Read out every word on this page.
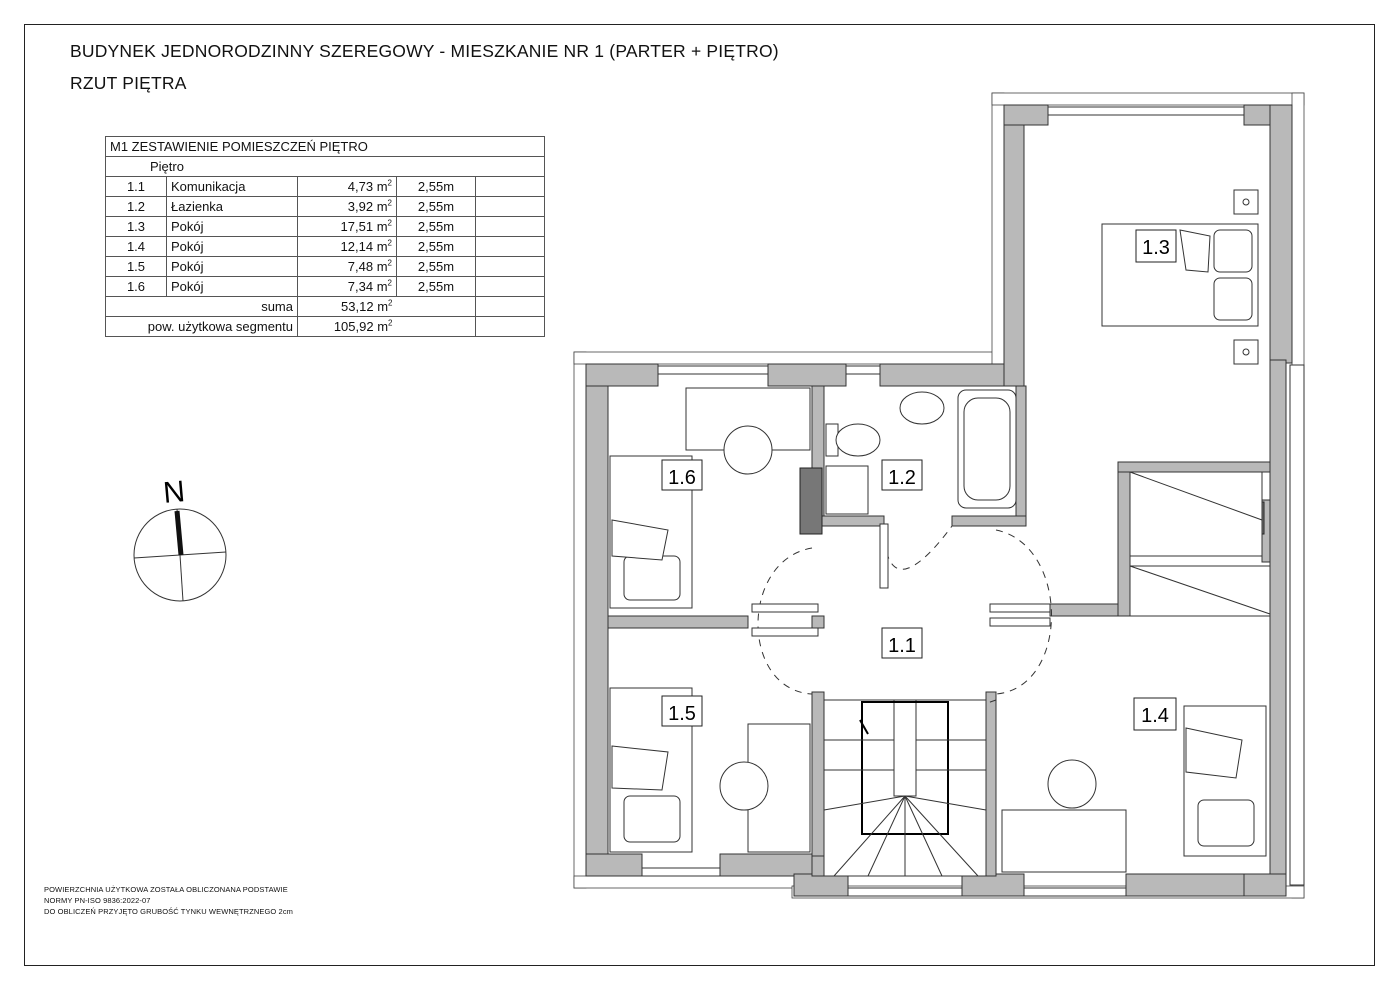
BUDYNEK JEDNORODZINNY SZEREGOWY - MIESZKANIE NR 1 (PARTER + PIĘTRO)
RZUT PIĘTRA
M1 ZESTAWIENIE POMIESZCZEŃ PIĘTRO				
Piętro				
1.1	Komunikacja	4,73 $m^2$	2,55m	
1.2	Łazienka	3,92 $m^2$	2,55m	
1.3	Pokój	17,51 $m^2$	2,55m	
1.4	Pokój	12,14 $m^2$	2,55m	
1.5	Pokój	7,48 $m^2$	2,55m	
1.6	Pokój	7,34 $m^2$	2,55m	
suma		53,12 $m^2$		
pow. użytkowa segmentu		105,92 $m^2$		
N
1.3
1.6	1.2
1.1
1.5	1.4
POWIERZCHNIA UŻYTKOWA ZOSTAŁA OBLICZONANA PODSTAWIE
NORMY PN-ISO 9836:2022-07
DO OBLICZEŃ PRZYJĘTO GRUBOŚĆ TYNKU WEWNĘTRZNEGO 2cm
